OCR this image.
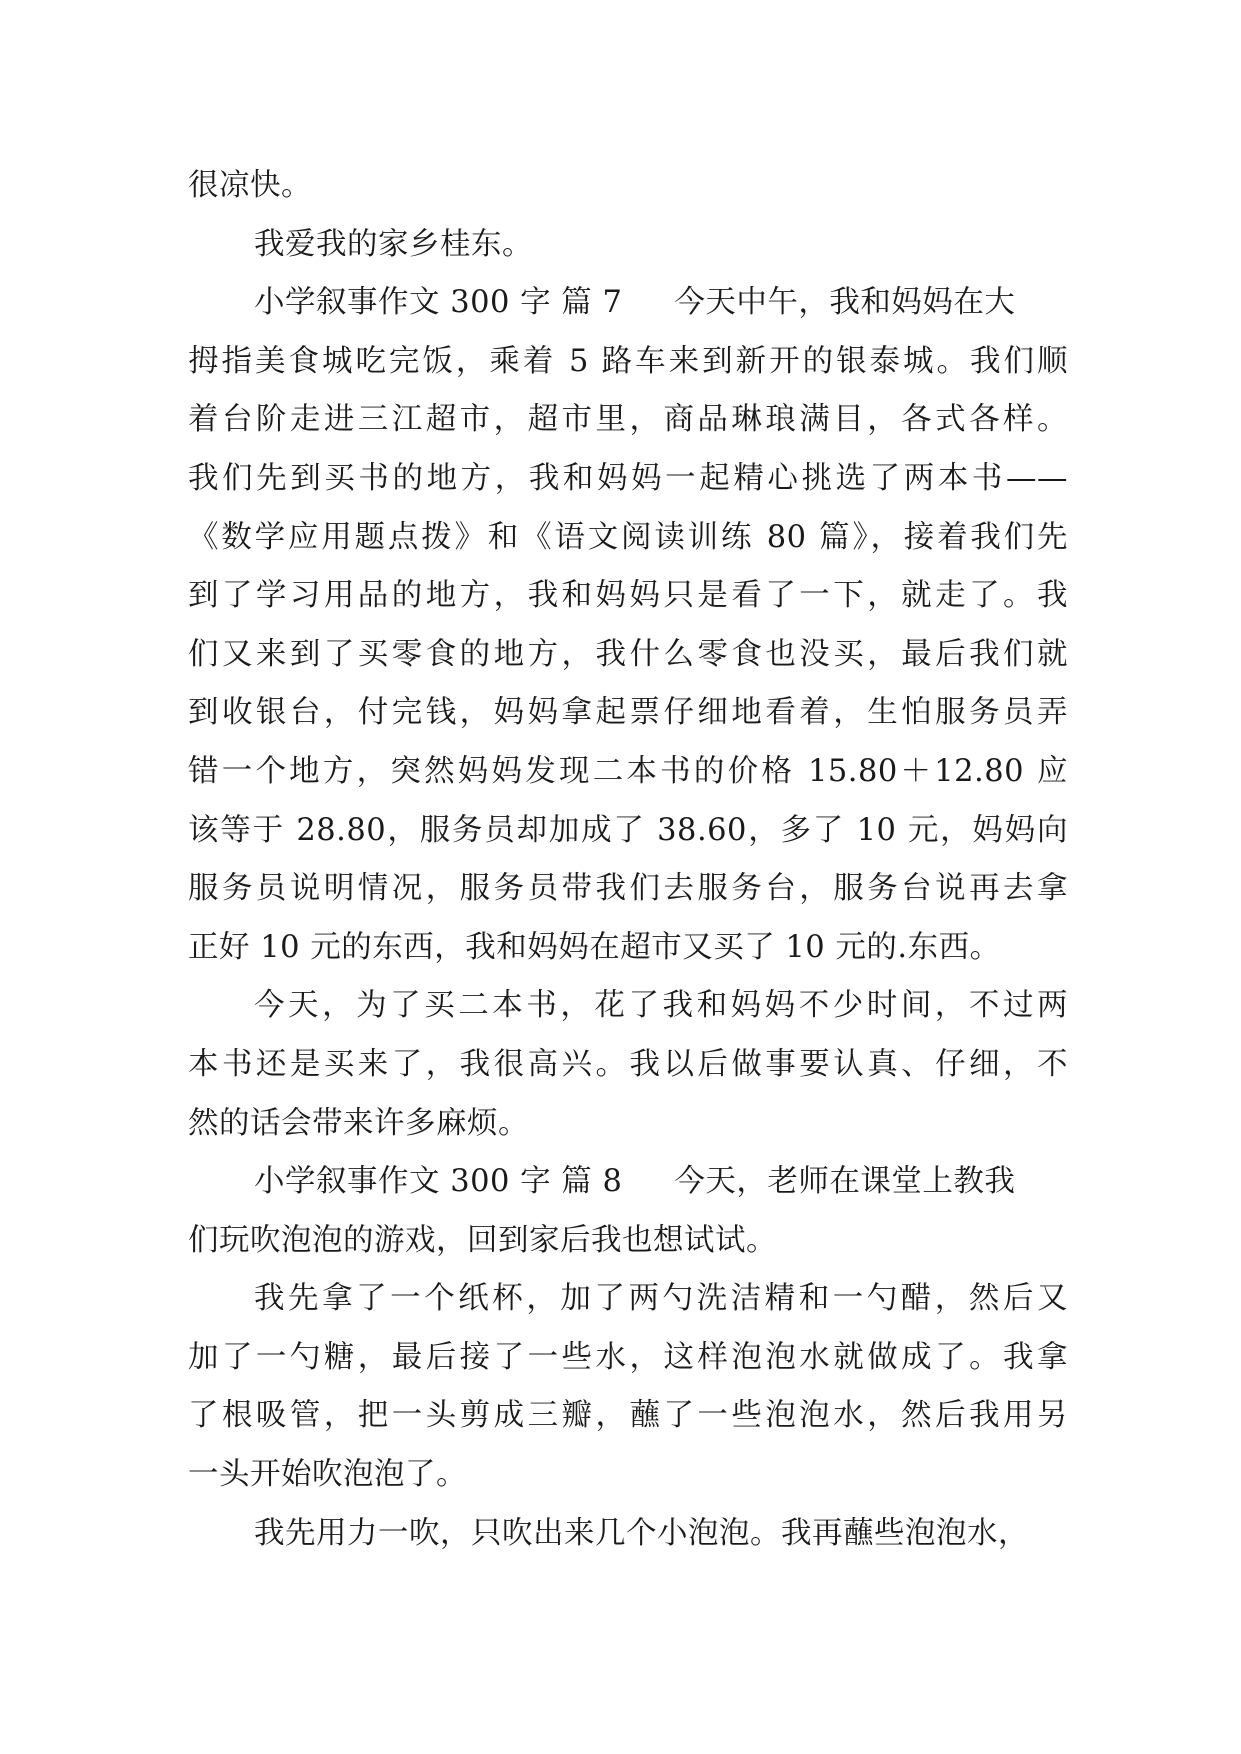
很凉快。
我爱我的家乡桂东。
小学叙事作文 300 字 篇 7 今天中午，我和妈妈在大
拇指美食城吃完饭，乘着 5 路车来到新开的银泰城。我们顺
着台阶走进三江超市，超市里，商品琳琅满目，各式各样。
我们先到买书的地方，我和妈妈一起精心挑选了两本书——
《数学应用题点拨》和《语文阅读训练 80 篇》，接着我们先
到了学习用品的地方，我和妈妈只是看了一下，就走了。我
们又来到了买零食的地方，我什么零食也没买，最后我们就
到收银台，付完钱，妈妈拿起票仔细地看着，生怕服务员弄
错一个地方，突然妈妈发现二本书的价格 15.80＋12.80 应
该等于 28.80，服务员却加成了 38.60，多了 10 元，妈妈向
服务员说明情况，服务员带我们去服务台，服务台说再去拿
正好 10 元的东西，我和妈妈在超市又买了 10 元的.东西。
今天，为了买二本书，花了我和妈妈不少时间，不过两
本书还是买来了，我很高兴。我以后做事要认真、仔细，不
然的话会带来许多麻烦。
小学叙事作文 300 字 篇 8 今天，老师在课堂上教我
们玩吹泡泡的游戏，回到家后我也想试试。
我先拿了一个纸杯，加了两勺洗洁精和一勺醋，然后又
加了一勺糖，最后接了一些水，这样泡泡水就做成了。我拿
了根吸管，把一头剪成三瓣，蘸了一些泡泡水，然后我用另
一头开始吹泡泡了。
我先用力一吹，只吹出来几个小泡泡。我再蘸些泡泡水，
